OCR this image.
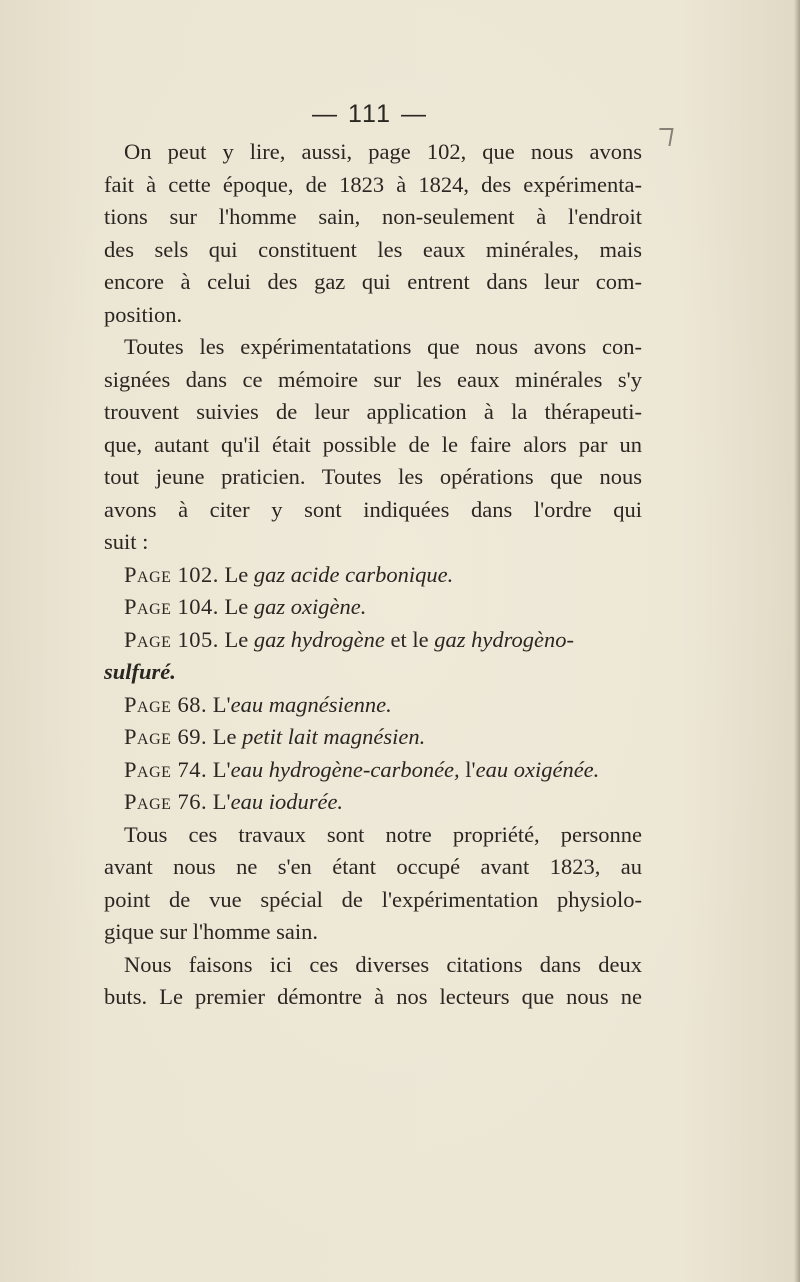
— 111 —

On peut y lire, aussi, page 102, que nous avons
fait à cette époque, de 1823 à 1824, des expérimenta-
tions sur l'homme sain, non-seulement à l'endroit
des sels qui constituent les eaux minérales, mais
encore à celui des gaz qui entrent dans leur com-
position.

Toutes les expérimentatations que nous avons con-
signées dans ce mémoire sur les eaux minérales s'y
trouvent suivies de leur application à la thérapeuti-
que, autant qu'il était possible de le faire alors par un
tout jeune praticien. Toutes les opérations que nous
avons à citer y sont indiquées dans l'ordre qui
suit :

Page 102. Le gaz acide carbonique.

Page 104. Le gaz oxigène.

Page 105. Le gaz hydrogène et le gaz hydrogèno-

sulfuré.

Page 68. L'eau magnésienne.

Page 69. Le petit lait magnésien.

Page 74. L'eau hydrogène-carbonée, l'eau oxigénée.

Page 76. L'eau iodurée.

Tous ces travaux sont notre propriété, personne
avant nous ne s'en étant occupé avant 1823, au
point de vue spécial de l'expérimentation physiolo-
gique sur l'homme sain.

Nous faisons ici ces diverses citations dans deux
buts. Le premier démontre à nos lecteurs que nous ne
